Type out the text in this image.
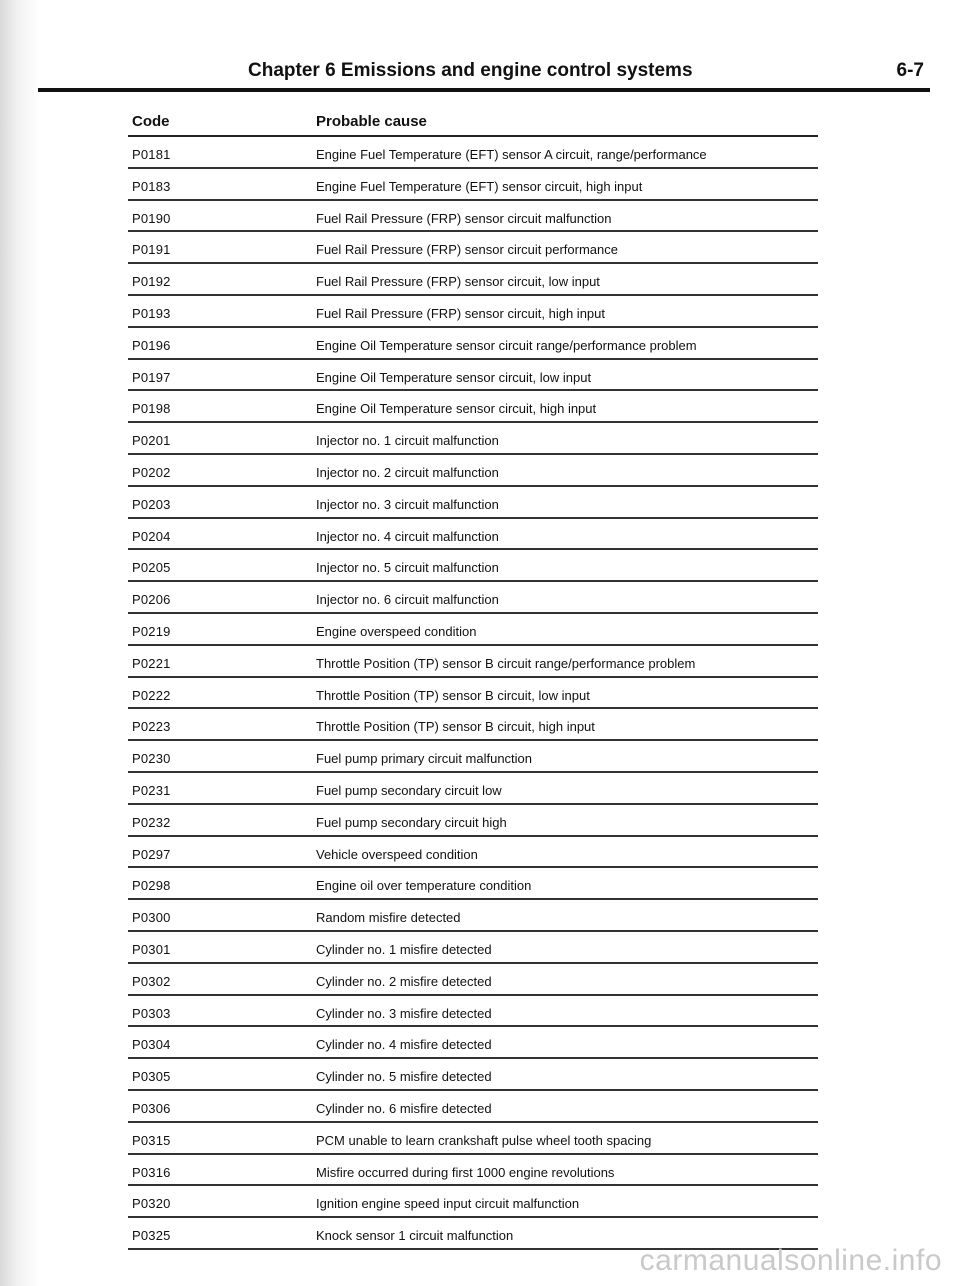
Chapter 6 Emissions and engine control systems	6-7
Code	Probable cause
P0181	Engine Fuel Temperature (EFT) sensor A circuit, range/performance
P0183	Engine Fuel Temperature (EFT) sensor circuit, high input
P0190	Fuel Rail Pressure (FRP) sensor circuit malfunction
P0191	Fuel Rail Pressure (FRP) sensor circuit performance
P0192	Fuel Rail Pressure (FRP) sensor circuit, low input
P0193	Fuel Rail Pressure (FRP) sensor circuit, high input
P0196	Engine Oil Temperature sensor circuit range/performance problem
P0197	Engine Oil Temperature sensor circuit, low input
P0198	Engine Oil Temperature sensor circuit, high input
P0201	Injector no. 1 circuit malfunction
P0202	Injector no. 2 circuit malfunction
P0203	Injector no. 3 circuit malfunction
P0204	Injector no. 4 circuit malfunction
P0205	Injector no. 5 circuit malfunction
P0206	Injector no. 6 circuit malfunction
P0219	Engine overspeed condition
P0221	Throttle Position (TP) sensor B circuit range/performance problem
P0222	Throttle Position (TP) sensor B circuit, low input
P0223	Throttle Position (TP) sensor B circuit, high input
P0230	Fuel pump primary circuit malfunction
P0231	Fuel pump secondary circuit low
P0232	Fuel pump secondary circuit high
P0297	Vehicle overspeed condition
P0298	Engine oil over temperature condition
P0300	Random misfire detected
P0301	Cylinder no. 1 misfire detected
P0302	Cylinder no. 2 misfire detected
P0303	Cylinder no. 3 misfire detected
P0304	Cylinder no. 4 misfire detected
P0305	Cylinder no. 5 misfire detected
P0306	Cylinder no. 6 misfire detected
P0315	PCM unable to learn crankshaft pulse wheel tooth spacing
P0316	Misfire occurred during first 1000 engine revolutions
P0320	Ignition engine speed input circuit malfunction
P0325	Knock sensor 1 circuit malfunction
carmanualsonline.info
